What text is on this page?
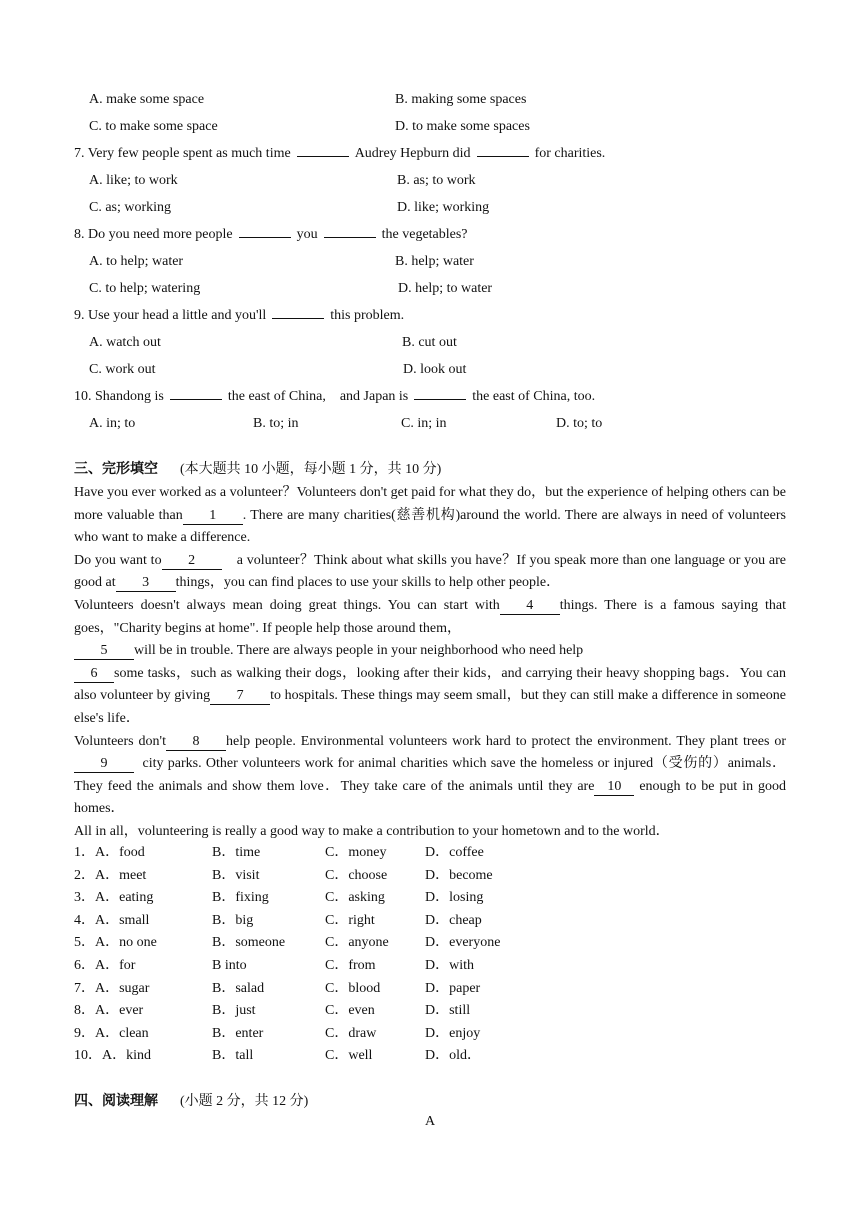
A. make some space	B. making some spaces
C. to make some space	D. to make some spaces
7. Very few people spent as much time	Audrey Hepburn did	for charities.
A. like; to work	B. as; to work
C. as; working	D. like; working
8. Do you need more people	you	the vegetables?
A. to help; water	B. help; water
C. to help; watering	D. help; to water
9. Use your head a little and you'll	this problem.
A. watch out	B. cut out
C. work out	D. look out
10. Shandong is	the east of China,    and Japan is	the east of China, too.
A. in; to	B. to; in	C. in; in	D. to; to
三、完形填空 (本大题共 10 小题，每小题 1 分，共 10 分)

Have you ever worked as a volunteer？Volunteers don't get paid for what they do，but the experience of helping others can be more valuable than 1 . There are many charities(慈善机构)around the world. There are always in need of volunteers who want to make a difference.

Do you want to 2	a volunteer？Think about what skills you have？If you speak more than one language or you are good at 3 things，you can find places to use your skills to help other people．

Volunteers doesn't always mean doing great things. You can start with 4 things. There is a famous saying that goes，"Charity begins at home". If people help those around them，

5 will be in trouble. There are always people in your neighborhood who need help

6 some tasks，such as walking their dogs，looking after their kids，and carrying their heavy shopping bags．You can also volunteer by giving 7 to hospitals. These things may seem small，but they can still make a difference in someone else's life．

Volunteers don't 8 help people. Environmental volunteers work hard to protect the environment. They plant trees or9	city parks. Other volunteers work for animal charities which save the homeless or injured（受伤的）animals．They feed the animals and show them love．They take care of the animals until they are 10 enough to be put in good homes．

All in all，volunteering is really a good way to make a contribution to your hometown and to the world．

1．A．food	B．time	C．money	D．coffee
2．A．meet	B．visit	C．choose	D．become
3．A．eating	B．fixing	C．asking	D．losing
4．A．small	B．big	C．right	D．cheap
5．A．no one	B．someone	C．anyone	D．everyone
6．A．for	B into	C．from	D．with
7．A．sugar	B．salad	C．blood	D．paper
8．A．ever	B．just	C．even	D．still
9．A．clean	B．enter	C．draw	D．enjoy
10．A．kind	B．tall	C．well	D．old．
四、阅读理解 (小题 2 分，共 12 分)
A
